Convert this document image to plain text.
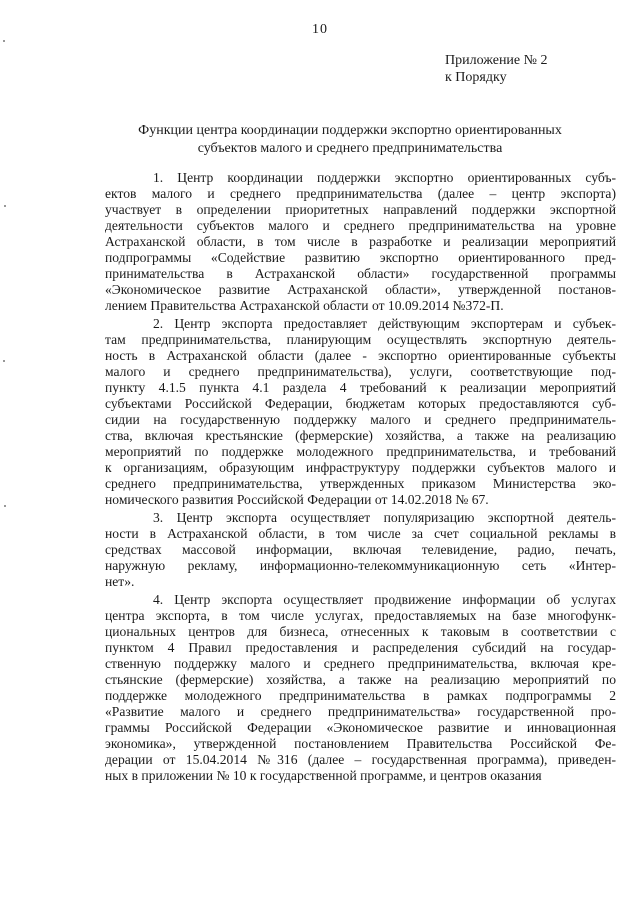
10
Приложение № 2
к Порядку
Функции центра координации поддержки экспортно ориентированных
субъектов малого и среднего предпринимательства
1. Центр координации поддержки экспортно ориентированных субъ-
ектов малого и среднего предпринимательства (далее – центр экспорта)
участвует в определении приоритетных направлений поддержки экспортной
деятельности субъектов малого и среднего предпринимательства на уровне
Астраханской области, в том числе в разработке и реализации мероприятий
подпрограммы «Содействие развитию экспортно ориентированного пред-
принимательства в Астраханской области» государственной программы
«Экономическое развитие Астраханской области», утвержденной постанов-
лением Правительства Астраханской области от 10.09.2014 №372-П.
2. Центр экспорта предоставляет действующим экспортерам и субъек-
там предпринимательства, планирующим осуществлять экспортную деятель-
ность в Астраханской области (далее - экспортно ориентированные субъекты
малого и среднего предпринимательства), услуги, соответствующие под-
пункту 4.1.5 пункта 4.1 раздела 4 требований к реализации мероприятий
субъектами Российской Федерации, бюджетам которых предоставляются суб-
сидии на государственную поддержку малого и среднего предприниматель-
ства, включая крестьянские (фермерские) хозяйства, а также на реализацию
мероприятий по поддержке молодежного предпринимательства, и требований
к организациям, образующим инфраструктуру поддержки субъектов малого и
среднего предпринимательства, утвержденных приказом Министерства эко-
номического развития Российской Федерации от 14.02.2018 № 67.
3. Центр экспорта осуществляет популяризацию экспортной деятель-
ности в Астраханской области, в том числе за счет социальной рекламы в
средствах массовой информации, включая телевидение, радио, печать,
наружную рекламу, информационно-телекоммуникационную сеть «Интер-
нет».
4. Центр экспорта осуществляет продвижение информации об услугах
центра экспорта, в том числе услугах, предоставляемых на базе многофунк-
циональных центров для бизнеса, отнесенных к таковым в соответствии с
пунктом 4 Правил предоставления и распределения субсидий на государ-
ственную поддержку малого и среднего предпринимательства, включая кре-
стьянские (фермерские) хозяйства, а также на реализацию мероприятий по
поддержке молодежного предпринимательства в рамках подпрограммы 2
«Развитие малого и среднего предпринимательства» государственной про-
граммы Российской Федерации «Экономическое развитие и инновационная
экономика», утвержденной постановлением Правительства Российской Фе-
дерации от 15.04.2014 №316 (далее – государственная программа), приведен-
ных в приложении № 10 к государственной программе, и центров оказания
